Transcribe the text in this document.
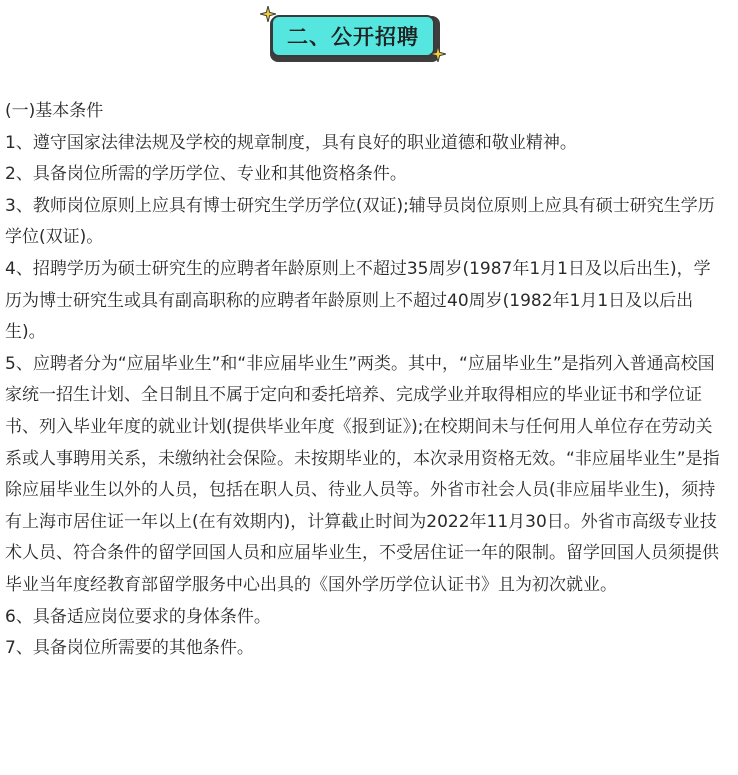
二、公开招聘

(一)基本条件

1、遵守国家法律法规及学校的规章制度，具有良好的职业道德和敬业精神。

2、具备岗位所需的学历学位、专业和其他资格条件。

3、教师岗位原则上应具有博士研究生学历学位(双证);辅导员岗位原则上应具有硕士研究生学历学位(双证)。

4、招聘学历为硕士研究生的应聘者年龄原则上不超过35周岁(1987年1月1日及以后出生)，学历为博士研究生或具有副高职称的应聘者年龄原则上不超过40周岁(1982年1月1日及以后出生)。

5、应聘者分为“应届毕业生”和“非应届毕业生”两类。其中，“应届毕业生”是指列入普通高校国家统一招生计划、全日制且不属于定向和委托培养、完成学业并取得相应的毕业证书和学位证书、列入毕业年度的就业计划(提供毕业年度《报到证》);在校期间未与任何用人单位存在劳动关系或人事聘用关系，未缴纳社会保险。未按期毕业的，本次录用资格无效。“非应届毕业生”是指除应届毕业生以外的人员，包括在职人员、待业人员等。外省市社会人员(非应届毕业生)，须持有上海市居住证一年以上(在有效期内)，计算截止时间为2022年11月30日。外省市高级专业技术人员、符合条件的留学回国人员和应届毕业生，不受居住证一年的限制。留学回国人员须提供毕业当年度经教育部留学服务中心出具的《国外学历学位认证书》且为初次就业。

6、具备适应岗位要求的身体条件。

7、具备岗位所需要的其他条件。
